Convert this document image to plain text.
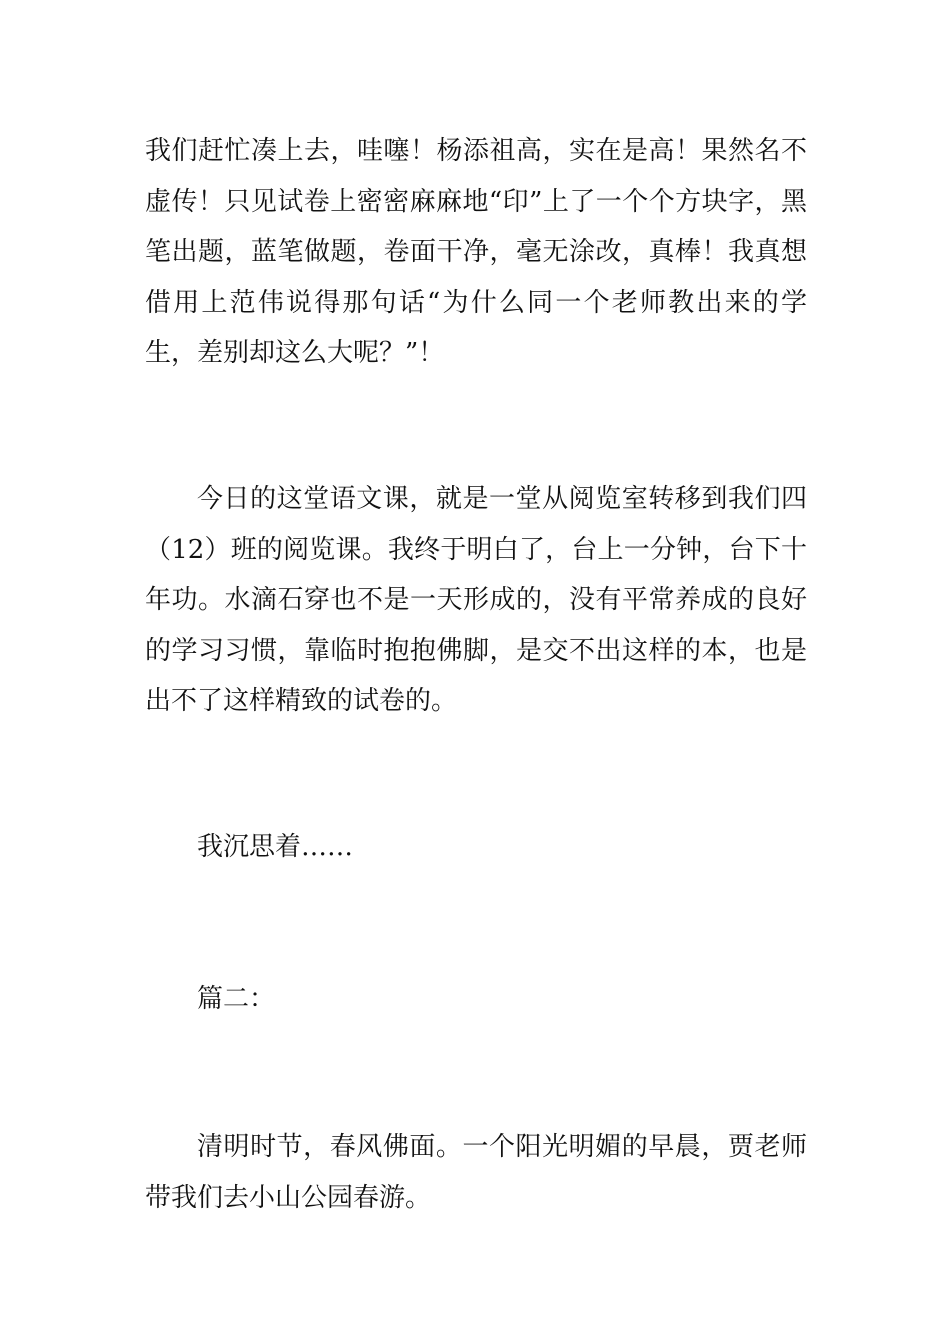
我们赶忙凑上去，哇噻！杨添祖高，实在是高！果然名不虚传！只见试卷上密密麻麻地“印”上了一个个方块字，黑笔出题，蓝笔做题，卷面干净，毫无涂改，真棒！我真想借用上范伟说得那句话“为什么同一个老师教出来的学生，差别却这么大呢？”！

今日的这堂语文课，就是一堂从阅览室转移到我们四（12）班的阅览课。我终于明白了，台上一分钟，台下十年功。水滴石穿也不是一天形成的，没有平常养成的良好的学习习惯，靠临时抱抱佛脚，是交不出这样的本，也是出不了这样精致的试卷的。

我沉思着……

篇二：

清明时节，春风佛面。一个阳光明媚的早晨，贾老师带我们去小山公园春游。
